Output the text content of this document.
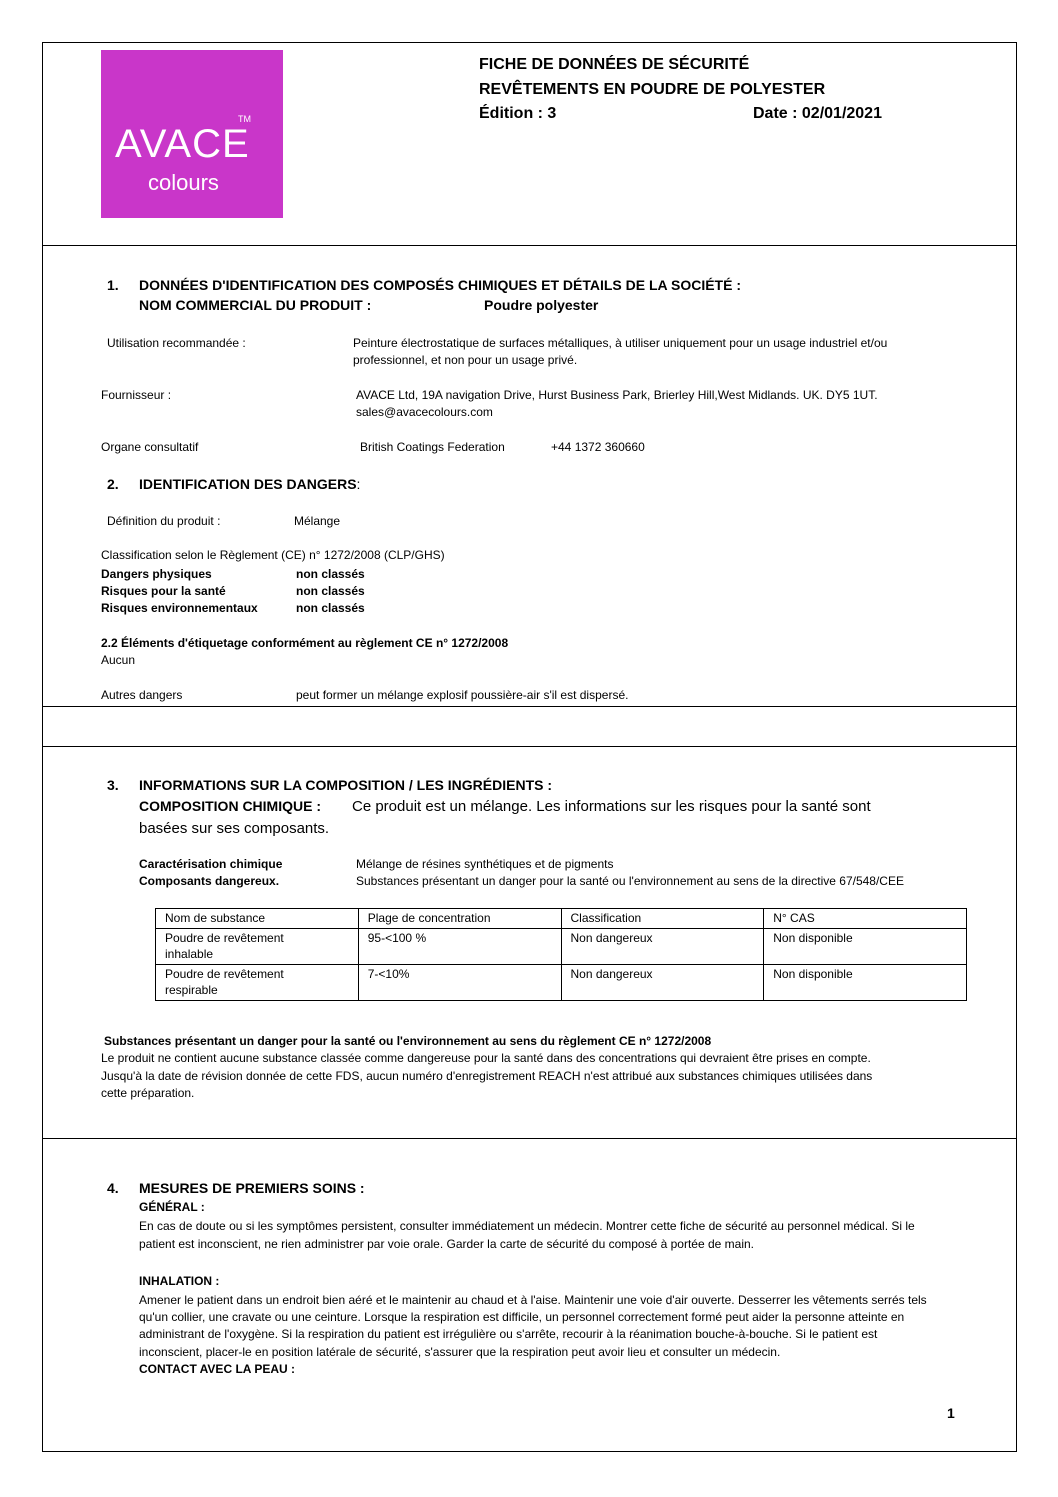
AVACE
TM
colours
FICHE DE DONNÉES DE SÉCURITÉ
REVÊTEMENTS EN POUDRE DE POLYESTER
Édition : 3	Date : 02/01/2021
1. DONNÉES D'IDENTIFICATION DES COMPOSÉS CHIMIQUES ET DÉTAILS DE LA SOCIÉTÉ :
NOM COMMERCIAL DU PRODUIT :	Poudre polyester
Utilisation recommandée :	Peinture électrostatique de surfaces métalliques, à utiliser uniquement pour un usage industriel et/ou
professionnel, et non pour un usage privé.
Fournisseur :	AVACE Ltd, 19A navigation Drive, Hurst Business Park, Brierley Hill,West Midlands. UK. DY5 1UT.
sales@avacecolours.com
Organe consultatif	British Coatings Federation	+44 1372 360660
2. IDENTIFICATION DES DANGERS:
Définition du produit :	Mélange
Classification selon le Règlement (CE) n° 1272/2008 (CLP/GHS)
Dangers physiques	non classés
Risques pour la santé	non classés
Risques environnementaux	non classés
2.2 Éléments d'étiquetage conformément au règlement CE n° 1272/2008
Aucun
Autres dangers	peut former un mélange explosif poussière-air s'il est dispersé.
3. INFORMATIONS SUR LA COMPOSITION / LES INGRÉDIENTS :
COMPOSITION CHIMIQUE : Ce produit est un mélange. Les informations sur les risques pour la santé sont
basées sur ses composants.
Caractérisation chimique	Mélange de résines synthétiques et de pigments
Composants dangereux.	Substances présentant un danger pour la santé ou l'environnement au sens de la directive 67/548/CEE
Nom de substance	Plage de concentration	Classification	N° CAS
Poudre de revêtement
inhalable	95-<100 %	Non dangereux	Non disponible
Poudre de revêtement
respirable	7-<10%	Non dangereux	Non disponible
Substances présentant un danger pour la santé ou l'environnement au sens du règlement CE n° 1272/2008
Le produit ne contient aucune substance classée comme dangereuse pour la santé dans des concentrations qui devraient être prises en compte.
Jusqu'à la date de révision donnée de cette FDS, aucun numéro d'enregistrement REACH n'est attribué aux substances chimiques utilisées dans
cette préparation.
4. MESURES DE PREMIERS SOINS :
GÉNÉRAL :
En cas de doute ou si les symptômes persistent, consulter immédiatement un médecin. Montrer cette fiche de sécurité au personnel médical. Si le
patient est inconscient, ne rien administrer par voie orale. Garder la carte de sécurité du composé à portée de main.
INHALATION :
Amener le patient dans un endroit bien aéré et le maintenir au chaud et à l'aise. Maintenir une voie d'air ouverte. Desserrer les vêtements serrés tels
qu'un collier, une cravate ou une ceinture. Lorsque la respiration est difficile, un personnel correctement formé peut aider la personne atteinte en
administrant de l'oxygène. Si la respiration du patient est irrégulière ou s'arrête, recourir à la réanimation bouche-à-bouche. Si le patient est
inconscient, placer-le en position latérale de sécurité, s'assurer que la respiration peut avoir lieu et consulter un médecin.
CONTACT AVEC LA PEAU :
1
